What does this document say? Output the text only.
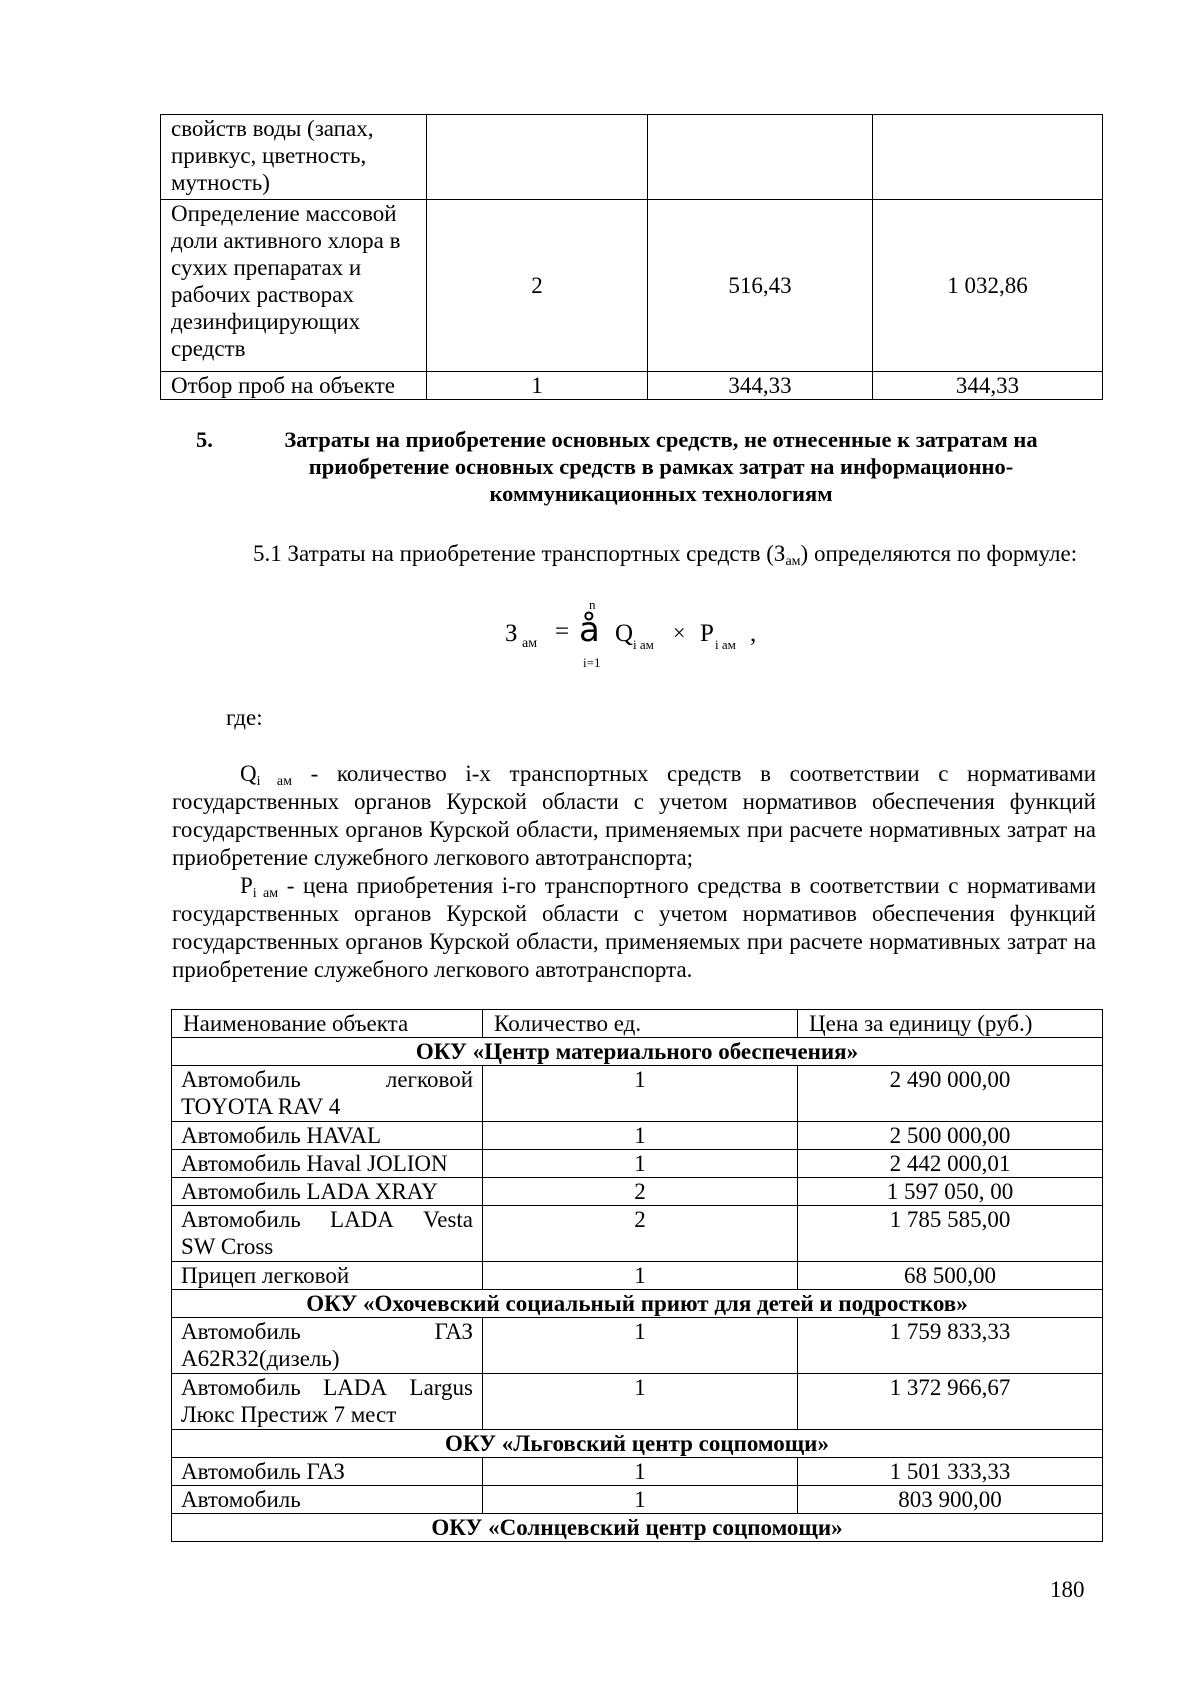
свойств воды (запах, привкус, цветность, мутность)			
Определение массовой доли активного хлора в сухих препаратах и рабочих растворах дезинфицирующих средств	2	516,43	1 032,86
Отбор проб на объекте	1	344,33	344,33
5.	Затраты на приобретение основных средств, не отнесенные к затратам на приобретение основных средств в рамках затрат на информационно-коммуникационных технологиям
5.1 Затраты на приобретение транспортных средств $(З_{ам})$ определяются по формуле:
З ам =
n
å
i=1
Q i ам × P i ам ,
где:
$Q_{i ам}$ - количество i-х транспортных средств в соответствии с нормативами государственных органов Курской области с учетом нормативов обеспечения функций государственных органов Курской области, применяемых при расчете нормативных затрат на приобретение служебного легкового автотранспорта;
$P_{i ам}$ - цена приобретения i-го транспортного средства в соответствии с нормативами государственных органов Курской области с учетом нормативов обеспечения функций государственных органов Курской области, применяемых при расчете нормативных затрат на приобретение служебного легкового автотранспорта.
Наименование объекта	Количество ед.	Цена за единицу (руб.)
ОКУ «Центр материального обеспечения»		

Автомобиль легковой
TOYOTA RAV 4	1	2 490 000,00

Автомобиль HAVAL	1	2 500 000,00

Автомобиль Haval JOLION	1	2 442 000,01

Автомобиль LADA XRAY	2	1 597 050, 00

Автомобиль LADA Vesta
SW Cross	2	1 785 585,00

Прицеп легковой	1	68 500,00
ОКУ «Охочевский социальный приют для детей и подростков»		

Автомобиль ГАЗ
A62R32(дизель)	1	1 759 833,33

Автомобиль LADA Largus
Люкс Престиж 7 мест	1	1 372 966,67
ОКУ «Льговский центр соцпомощи»		

Автомобиль ГАЗ	1	1 501 333,33

Автомобиль	1	803 900,00
ОКУ «Солнцевский центр соцпомощи»		
180
